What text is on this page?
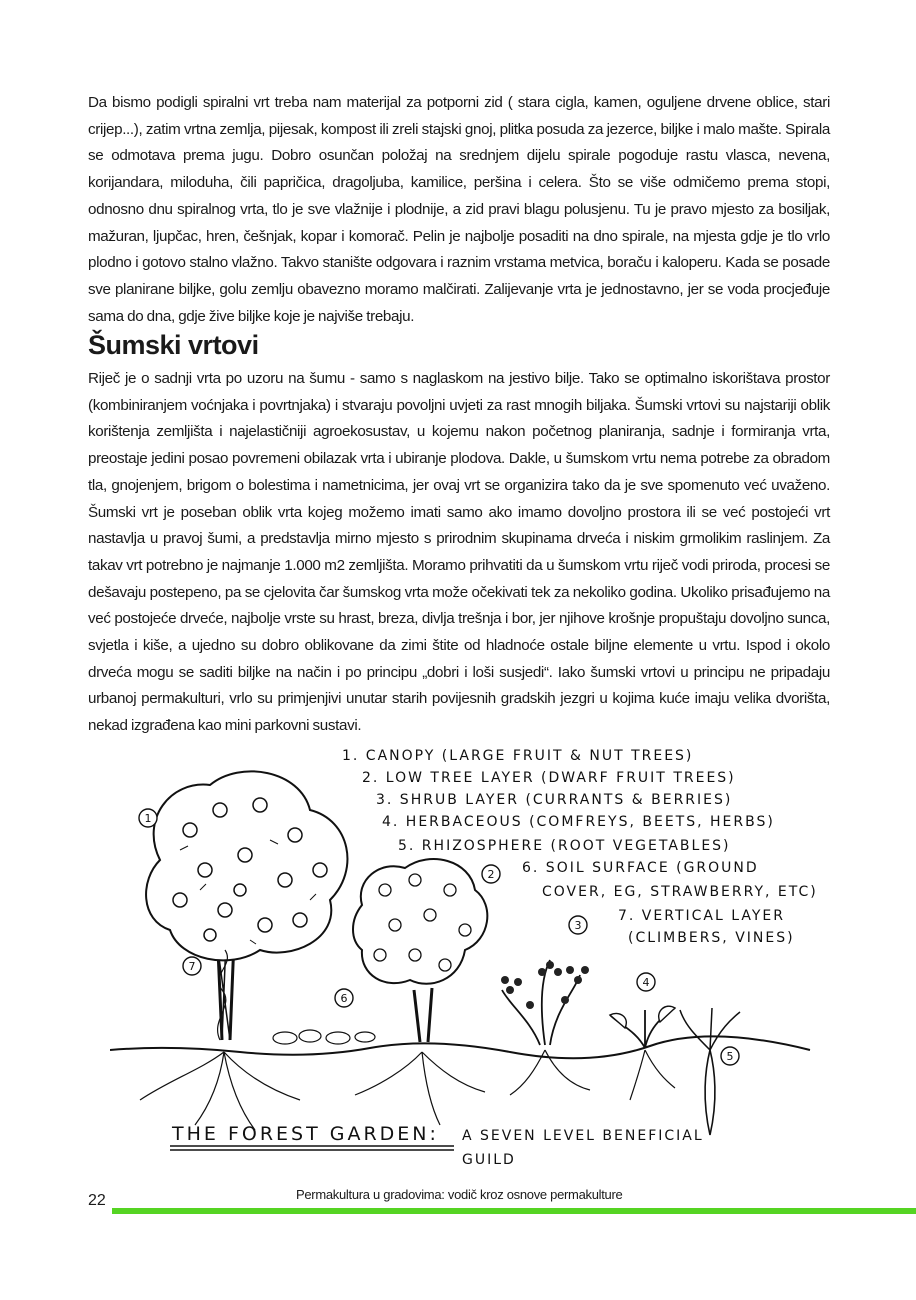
Da bismo podigli spiralni vrt treba nam materijal za potporni zid ( stara cigla, kamen, oguljene drvene oblice, stari crijep...), zatim vrtna zemlja, pijesak, kompost ili zreli stajski gnoj, plitka posuda za jezerce, biljke i malo mašte. Spirala se odmotava prema jugu. Dobro osunčan položaj na srednjem dijelu spirale pogoduje rastu vlasca, nevena, korijandara, miloduha, čili papričica, dragoljuba, kamilice, peršina i celera. Što se više odmičemo prema stopi, odnosno dnu spiralnog vrta, tlo je sve vlažnije i plodnije, a zid pravi blagu polusjenu. Tu je pravo mjesto za bosiljak, mažuran, ljupčac, hren, češnjak, kopar i komorač. Pelin je najbolje posaditi na dno spirale, na mjesta gdje je tlo vrlo plodno i gotovo stalno vlažno. Takvo stanište odgovara i raznim vrstama metvica, boraču i kaloperu. Kada se posade sve planirane biljke, golu zemlju obavezno moramo malčirati. Zalijevanje vrta je jednostavno, jer se voda procjeđuje sama do dna, gdje žive biljke koje je najviše trebaju.

Šumski vrtovi

Riječ je o sadnji vrta po uzoru na šumu - samo s naglaskom na jestivo bilje. Tako se optimalno iskorištava prostor (kombiniranjem voćnjaka i povrtnjaka) i stvaraju povoljni uvjeti za rast mnogih biljaka. Šumski vrtovi su najstariji oblik korištenja zemljišta i najelastičniji agroekosustav, u kojemu nakon početnog planiranja, sadnje i formiranja vrta, preostaje jedini posao povremeni obilazak vrta i ubiranje plodova. Dakle, u šumskom vrtu nema potrebe za obradom tla, gnojenjem, brigom o bolestima i nametnicima, jer ovaj vrt se organizira tako da je sve spomenuto već uvaženo. Šumski vrt je poseban oblik vrta kojeg možemo imati samo ako imamo dovoljno prostora ili se već postojeći vrt nastavlja u pravoj šumi, a predstavlja mirno mjesto s prirodnim skupinama drveća i niskim grmolikim raslinjem. Za takav vrt potrebno je najmanje 1.000 m2 zemljišta. Moramo prihvatiti da u šumskom vrtu riječ vodi priroda, procesi se dešavaju postepeno, pa se cjelovita čar šumskog vrta može očekivati tek za nekoliko godina. Ukoliko prisađujemo na već postojeće drveće, najbolje vrste su hrast, breza, divlja trešnja i bor, jer njihove krošnje propuštaju dovoljno sunca, svjetla i kiše, a ujedno su dobro oblikovane da zimi štite od hladnoće ostale biljne elemente u vrtu. Ispod i okolo drveća mogu se saditi biljke na način i po principu „dobri i loši susjedi“. Iako šumski vrtovi u principu ne pripadaju urbanoj permakulturi, vrlo su primjenjivi unutar starih povijesnih gradskih jezgri u kojima kuće imaju velika dvorišta, nekad izgrađena kao mini parkovni sustavi.

1. CANOPY (LARGE FRUIT & NUT TREES)
2. LOW TREE LAYER (DWARF FRUIT TREES)
3. SHRUB LAYER (CURRANTS & BERRIES)
4. HERBACEOUS (COMFREYS, BEETS, HERBS)
5. RHIZOSPHERE (ROOT VEGETABLES)
6. SOIL SURFACE (GROUND
COVER, EG, STRAWBERRY, ETC)
7. VERTICAL LAYER
(CLIMBERS, VINES)
1
2
3
4
5
6
7
THE FOREST GARDEN: A SEVEN LEVEL BENEFICIAL
GUILD
22	Permakultura u gradovima: vodič kroz osnove permakulture
